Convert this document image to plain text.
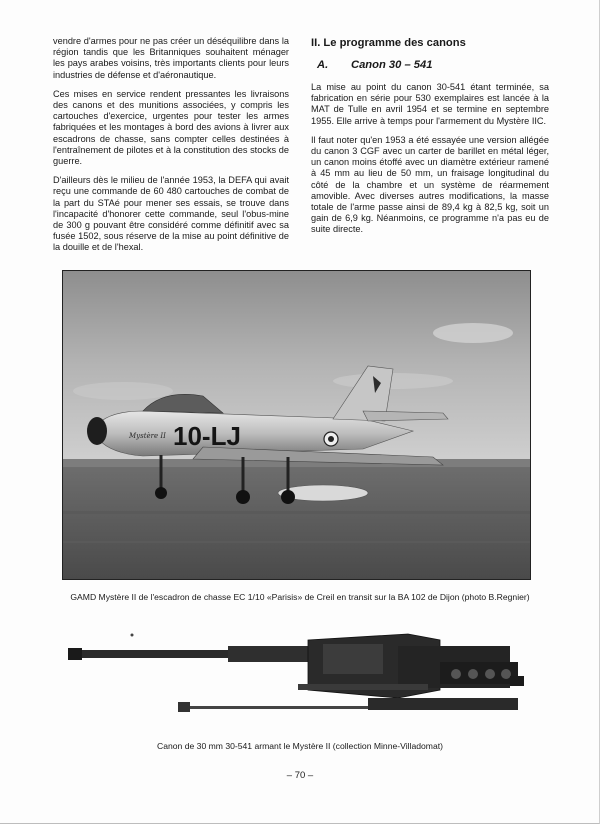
vendre d'armes pour ne pas créer un déséquilibre dans la région tandis que les Britanniques souhaitent ménager les pays arabes voisins, très importants clients pour leurs industries de défense et d'aéronautique.

Ces mises en service rendent pressantes les livraisons des canons et des munitions associées, y compris les cartouches d'exercice, urgentes pour tester les armes fabriquées et les montages à bord des avions à livrer aux escadrons de chasse, sans compter celles destinées à l'entraînement de pilotes et à la constitution des stocks de guerre.

D'ailleurs dès le milieu de l'année 1953, la DEFA qui avait reçu une commande de 60 480 cartouches de combat de la part du STAé pour mener ses essais, se trouve dans l'incapacité d'honorer cette commande, seul l'obus-mine de 300 g pouvant être considéré comme définitif avec sa fusée 1502, sous réserve de la mise au point définitive de la douille et de l'hexal.

II. Le programme des canons
A. Canon 30 – 541

La mise au point du canon 30-541 étant terminée, sa fabrication en série pour 530 exemplaires est lancée à la MAT de Tulle en avril 1954 et se termine en septembre 1955. Elle arrive à temps pour l'armement du Mystère IIC.

Il faut noter qu'en 1953 a été essayée une version allégée du canon 3 CGF avec un carter de barillet en métal léger, un canon moins étoffé avec un diamètre extérieur ramené à 45 mm au lieu de 50 mm, un fraisage longitudinal du côté de la chambre et un système de réarmement amovible. Avec diverses autres modifications, la masse totale de l'arme passe ainsi de 89,4 kg à 82,5 kg, soit un gain de 6,9 kg. Néanmoins, ce programme n'a pas eu de suite directe.

Mystère II 10-LJ
GAMD Mystère II de l'escadron de chasse EC 1/10 «Parisis» de Creil en transit sur la BA 102 de Dijon (photo B.Regnier)
Canon de 30 mm 30-541 armant le Mystère II (collection Minne-Villadomat)
– 70 –
